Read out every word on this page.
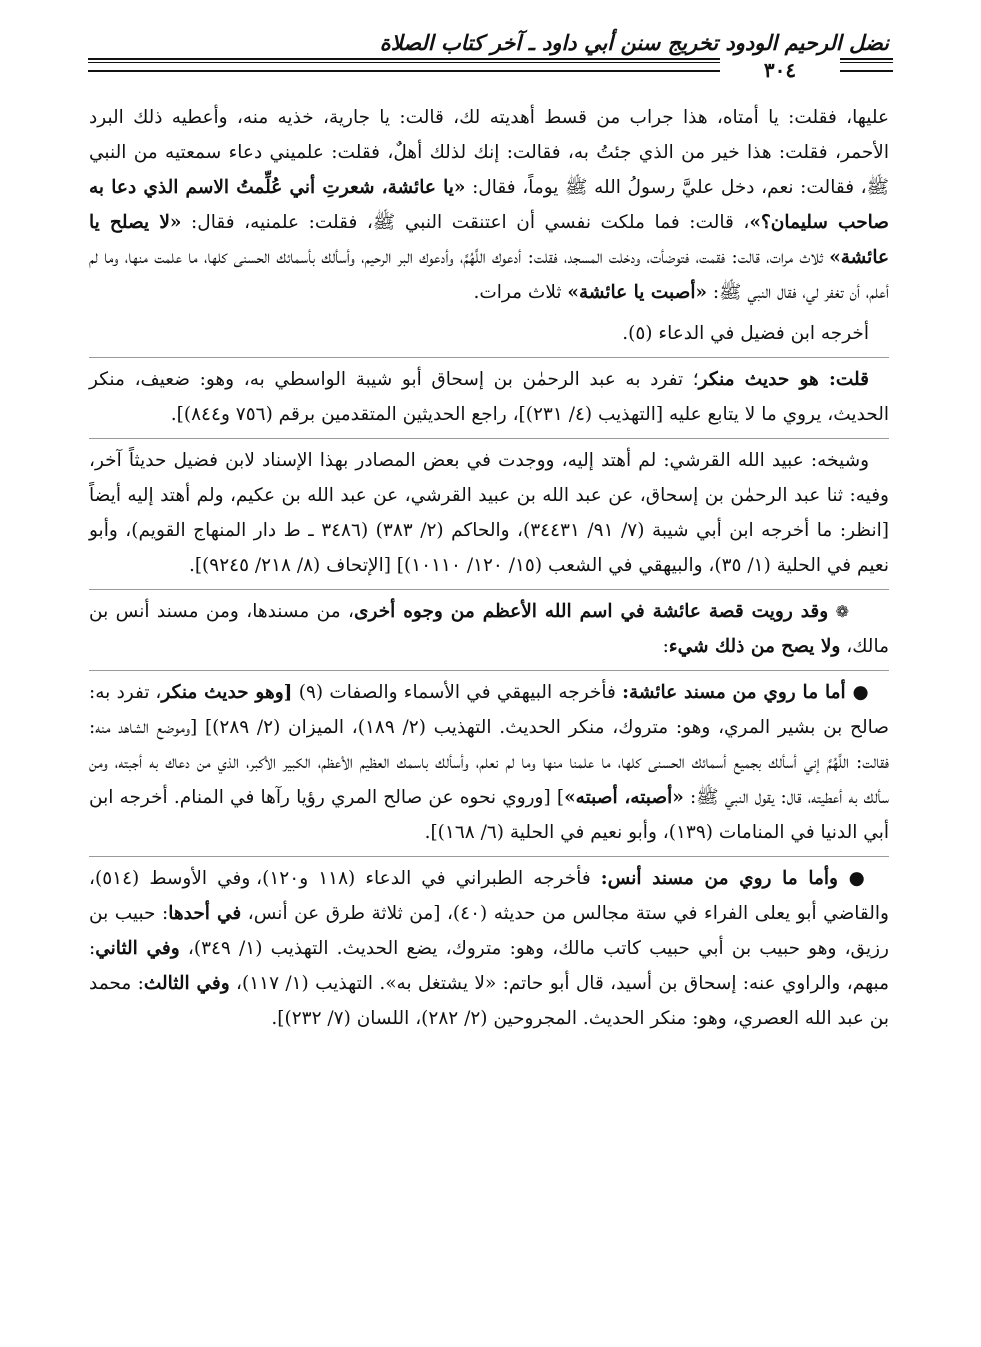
نضل الرحيم الودود تخريج سنن أبي داود ـ آخر كتاب الصلاة
٣٠٤

عليها، فقلت: يا أمتاه، هذا جراب من قسط أهديته لك، قالت: يا جارية، خذيه منه، وأعطيه ذلك البرد الأحمر، فقلت: هذا خير من الذي جئتُ به، فقالت: إنك لذلك أهلٌ، فقلت: علميني دعاء سمعتيه من النبي ﷺ، فقالت: نعم، دخل عليَّ رسولُ الله ﷺ يوماً، فقال: «يا عائشة، شعرتِ أني عُلِّمتُ الاسم الذي دعا به صاحب سليمان؟»، قالت: فما ملكت نفسي أن اعتنقت النبي ﷺ، فقلت: علمنيه، فقال: «لا يصلح يا عائشة» ثلاث مرات، قالت: فقمت، فتوضأت، ودخلت المسجد، فقلت: أدعوك اللَّهُمَّ، وأدعوك البر الرحيم، وأسألك بأسمائك الحسنى كلها، ما علمت منها، وما لم أعلم، أن تغفر لي، فقال النبي ﷺ: «أصبت يا عائشة» ثلاث مرات.

أخرجه ابن فضيل في الدعاء (٥).

قلت: هو حديث منكر؛ تفرد به عبد الرحمٰن بن إسحاق أبو شيبة الواسطي به، وهو: ضعيف، منكر الحديث، يروي ما لا يتابع عليه [التهذيب (٤/ ٢٣١)]، راجع الحديثين المتقدمين برقم (٧٥٦ و٨٤٤)].

وشيخه: عبيد الله القرشي: لم أهتد إليه، ووجدت في بعض المصادر بهذا الإسناد لابن فضيل حديثاً آخر، وفيه: ثنا عبد الرحمٰن بن إسحاق، عن عبد الله بن عبيد القرشي، عن عبد الله بن عكيم، ولم أهتد إليه أيضاً [انظر: ما أخرجه ابن أبي شيبة (٧/ ٩١/ ٣٤٤٣١)، والحاكم (٢/ ٣٨٣) (٣٤٨٦ ـ ط دار المنهاج القويم)، وأبو نعيم في الحلية (١/ ٣٥)، والبيهقي في الشعب (١٥/ ١٢٠/ ١٠١١٠)] [الإتحاف (٨/ ٢١٨/ ٩٢٤٥)].

❁ وقد رويت قصة عائشة في اسم الله الأعظم من وجوه أخرى، من مسندها، ومن مسند أنس بن مالك، ولا يصح من ذلك شيء:

● أما ما روي من مسند عائشة: فأخرجه البيهقي في الأسماء والصفات (٩) [وهو حديث منكر، تفرد به: صالح بن بشير المري، وهو: متروك، منكر الحديث. التهذيب (٢/ ١٨٩)، الميزان (٢/ ٢٨٩)] [وموضع الشاهد منه: فقالت: اللَّهُمَّ إني أسألك بجميع أسمائك الحسنى كلها، ما علمنا منها وما لم نعلم، وأسألك باسمك العظيم الأعظم، الكبير الأكبر، الذي من دعاك به أجبته، ومن سألك به أعطيته، قال: يقول النبي ﷺ: «أصبته، أصبته»] [وروي نحوه عن صالح المري رؤيا رآها في المنام. أخرجه ابن أبي الدنيا في المنامات (١٣٩)، وأبو نعيم في الحلية (٦/ ١٦٨)].

● وأما ما روي من مسند أنس: فأخرجه الطبراني في الدعاء (١١٨ و١٢٠)، وفي الأوسط (٥١٤)، والقاضي أبو يعلى الفراء في ستة مجالس من حديثه (٤٠)، [من ثلاثة طرق عن أنس، في أحدها: حبيب بن رزيق، وهو حبيب بن أبي حبيب كاتب مالك، وهو: متروك، يضع الحديث. التهذيب (١/ ٣٤٩)، وفي الثاني: مبهم، والراوي عنه: إسحاق بن أسيد، قال أبو حاتم: «لا يشتغل به». التهذيب (١/ ١١٧)، وفي الثالث: محمد بن عبد الله العصري، وهو: منكر الحديث. المجروحين (٢/ ٢٨٢)، اللسان (٧/ ٢٣٢)].
